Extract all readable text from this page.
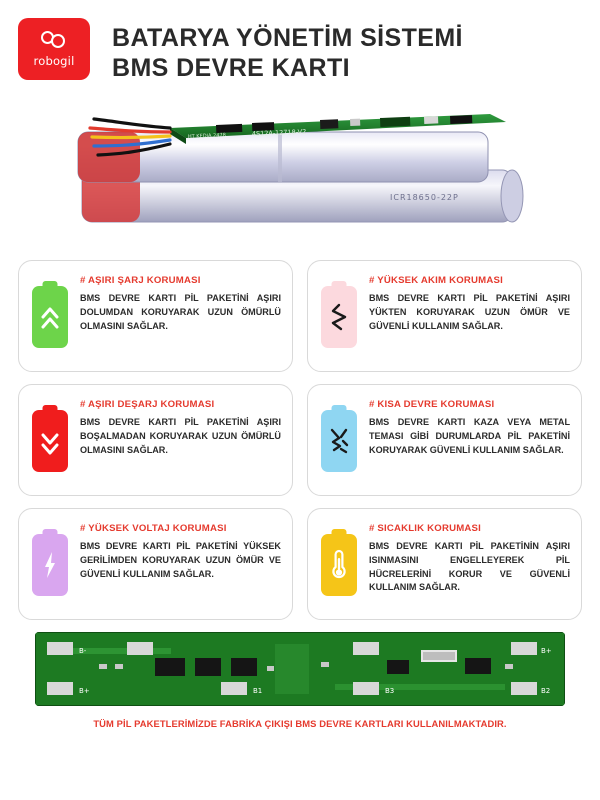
robogil
BATARYA YÖNETİM SİSTEMİ
BMS DEVRE KARTI
ICR18650-22P
4S12A-12718-V2
HT KEDIA 2478
# AŞIRI ŞARJ KORUMASI
BMS DEVRE KARTI PİL PAKETİNİ AŞIRI DOLUMDAN KORUYARAK UZUN ÖMÜRLÜ OLMASINI SAĞLAR.
# YÜKSEK AKIM KORUMASI
BMS DEVRE KARTI PİL PAKETİNİ AŞIRI YÜKTEN KORUYARAK UZUN ÖMÜR VE GÜVENLİ KULLANIM SAĞLAR.
# AŞIRI DEŞARJ KORUMASI
BMS DEVRE KARTI PİL PAKETİNİ AŞIRI BOŞALMADAN KORUYARAK UZUN ÖMÜRLÜ OLMASINI SAĞLAR.
# KISA DEVRE KORUMASI
BMS DEVRE KARTI KAZA VEYA METAL TEMASI GİBİ DURUMLARDA PİL PAKETİNİ KORUYARAK GÜVENLİ KULLANIM SAĞLAR.
# YÜKSEK VOLTAJ KORUMASI
BMS DEVRE KARTI PİL PAKETİNİ YÜKSEK GERİLİMDEN KORUYARAK UZUN ÖMÜR VE GÜVENLİ KULLANIM SAĞLAR.
# SICAKLIK KORUMASI
BMS DEVRE KARTI PİL PAKETİNİN AŞIRI ISINMASINI ENGELLEYEREK PİL HÜCRELERİNİ KORUR VE GÜVENLİ KULLANIM SAĞLAR.
B-	B+
B+	B1	B3	B2
TÜM PİL PAKETLERİMİZDE FABRİKA ÇIKIŞI BMS DEVRE KARTLARI KULLANILMAKTADIR.
